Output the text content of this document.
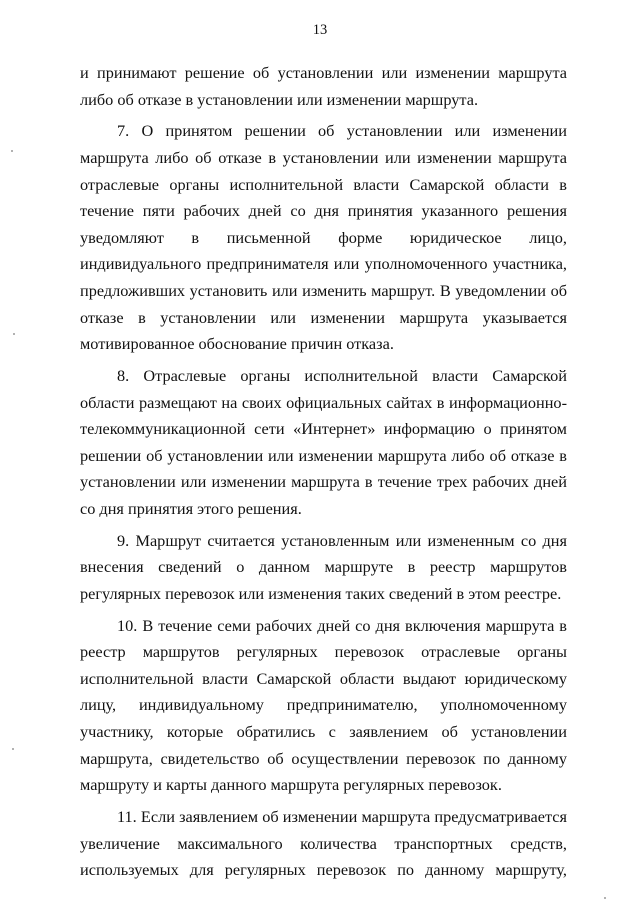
13

и принимают решение об установлении или изменении маршрута либо об отказе в установлении или изменении маршрута.

7. О принятом решении об установлении или изменении маршрута либо об отказе в установлении или изменении маршрута отраслевые органы исполнительной власти Самарской области в течение пяти рабочих дней со дня принятия указанного решения уведомляют в письменной форме юридическое лицо, индивидуального предпринимателя или уполномоченного участника, предложивших установить или изменить маршрут. В уведомлении об отказе в установлении или изменении маршрута указывается мотивированное обоснование причин отказа.

8. Отраслевые органы исполнительной власти Самарской области размещают на своих официальных сайтах в информационно-телекоммуникационной сети «Интернет» информацию о принятом решении об установлении или изменении маршрута либо об отказе в установлении или изменении маршрута в течение трех рабочих дней со дня принятия этого решения.

9. Маршрут считается установленным или измененным со дня внесения сведений о данном маршруте в реестр маршрутов регулярных перевозок или изменения таких сведений в этом реестре.

10. В течение семи рабочих дней со дня включения маршрута в реестр маршрутов регулярных перевозок отраслевые органы исполнительной власти Самарской области выдают юридическому лицу, индивидуальному предпринимателю, уполномоченному участнику, которые обратились с заявлением об установлении маршрута, свидетельство об осуществлении перевозок по данному маршруту и карты данного маршрута регулярных перевозок.

11. Если заявлением об изменении маршрута предусматривается увеличение максимального количества транспортных средств, используемых для регулярных перевозок по данному маршруту,
